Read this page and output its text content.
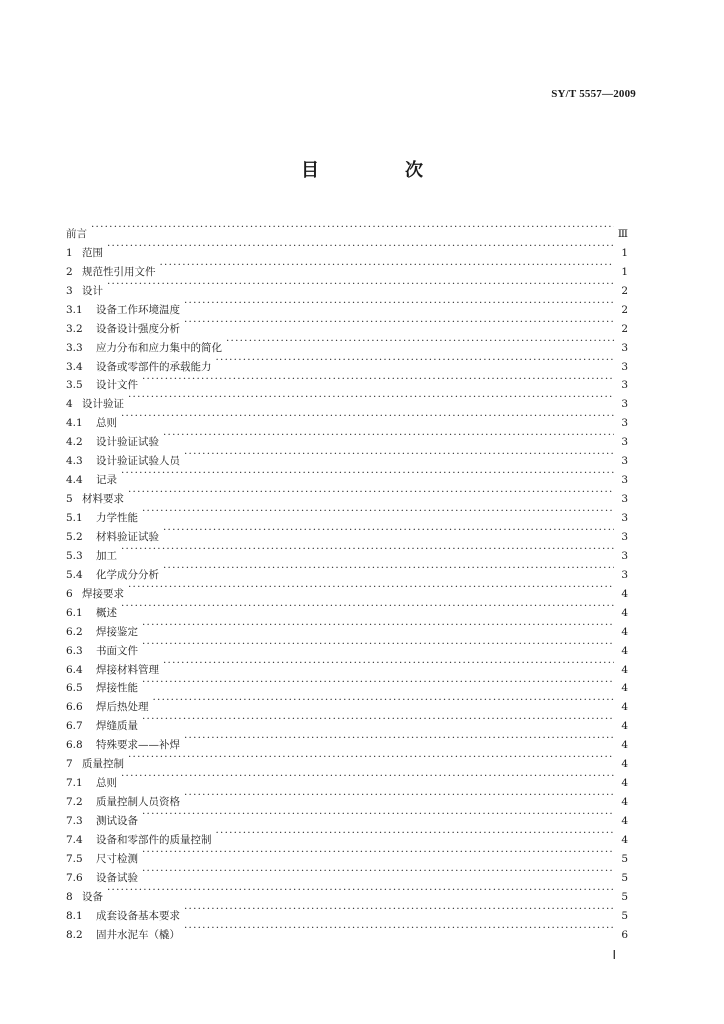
SY/T 5557—2009
目　次
前言 ·····	Ⅲ
1 范围 ·····	1
2 规范性引用文件 ·····	1
3 设计 ·····	2
3.1	设备工作环境温度 ·····	2
3.2	设备设计强度分析 ·····	2
3.3	应力分布和应力集中的简化 ·····	3
3.4	设备或零部件的承载能力 ·····	3
3.5	设计文件 ·····	3
4 设计验证 ·····	3
4.1	总则 ·····	3
4.2	设计验证试验 ·····	3
4.3	设计验证试验人员 ·····	3
4.4	记录 ·····	3
5 材料要求 ·····	3
5.1	力学性能 ·····	3
5.2	材料验证试验 ·····	3
5.3	加工 ·····	3
5.4	化学成分分析 ·····	3
6 焊接要求 ·····	4
6.1	概述 ·····	4
6.2	焊接鉴定 ·····	4
6.3	书面文件 ·····	4
6.4	焊接材料管理 ·····	4
6.5	焊接性能 ·····	4
6.6	焊后热处理 ·····	4
6.7	焊缝质量 ·····	4
6.8	特殊要求——补焊 ·····	4
7 质量控制 ·····	4
7.1	总则 ·····	4
7.2	质量控制人员资格 ·····	4
7.3	测试设备 ·····	4
7.4	设备和零部件的质量控制 ·····	4
7.5	尺寸检测 ·····	5
7.6	设备试验 ·····	5
8 设备 ·····	5
8.1	成套设备基本要求 ·····	5
8.2	固井水泥车（橇） ·····	6
Ⅰ
